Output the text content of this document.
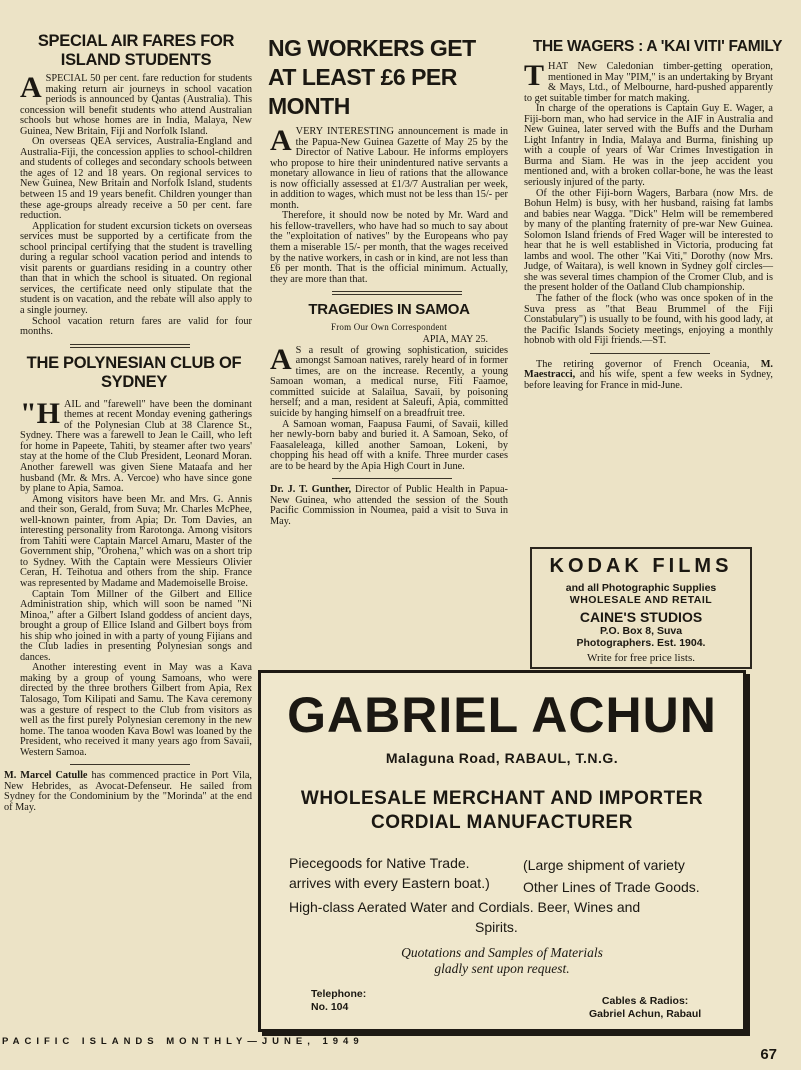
SPECIAL AIR FARES FOR ISLAND STUDENTS

ASPECIAL 50 per cent. fare reduction for students making return air journeys in school vacation periods is announced by Qantas (Australia). This concession will benefit students who attend Australian schools but whose homes are in India, Malaya, New Guinea, New Britain, Fiji and Norfolk Island.

On overseas QEA services, Australia-England and Australia-Fiji, the concession applies to school-children and students of colleges and secondary schools between the ages of 12 and 18 years. On regional services to New Guinea, New Britain and Norfolk Island, students between 15 and 19 years benefit. Children younger than these age-groups already receive a 50 per cent. fare reduction.

Application for student excursion tickets on overseas services must be supported by a certificate from the school principal certifying that the student is travelling during a regular school vacation period and intends to visit parents or guardians residing in a country other than that in which the school is situated. On regional services, the certificate need only stipulate that the student is on vacation, and the rebate will also apply to a single journey.

School vacation return fares are valid for four months.

THE POLYNESIAN CLUB OF SYDNEY

"HAIL and "farewell" have been the dominant themes at recent Monday evening gatherings of the Polynesian Club at 38 Clarence St., Sydney. There was a farewell to Jean le Caill, who left for home in Papeete, Tahiti, by steamer after two years' stay at the home of the Club President, Leonard Moran. Another farewell was given Siene Mataafa and her husband (Mr. & Mrs. A. Vercoe) who have since gone by plane to Apia, Samoa.

Among visitors have been Mr. and Mrs. G. Annis and their son, Gerald, from Suva; Mr. Charles McPhee, well-known painter, from Apia; Dr. Tom Davies, an interesting personality from Rarotonga. Among visitors from Tahiti were Captain Marcel Amaru, Master of the Government ship, "Orohena," which was on a short trip to Sydney. With the Captain were Messieurs Olivier Ceran, H. Teihotua and others from the ship. France was represented by Madame and Mademoiselle Broise.

Captain Tom Millner of the Gilbert and Ellice Administration ship, which will soon be named "Ni Minoa," after a Gilbert Island goddess of ancient days, brought a group of Ellice Island and Gilbert boys from his ship who joined in with a party of young Fijians and the Club ladies in presenting Polynesian songs and dances.

Another interesting event in May was a Kava making by a group of young Samoans, who were directed by the three brothers Gilbert from Apia, Rex Talosago, Tom Kilipati and Samu. The Kava ceremony was a gesture of respect to the Club from visitors as well as the first purely Polynesian ceremony in the new home. The tanoa wooden Kava Bowl was loaned by the President, who received it many years ago from Savaii, Western Samoa.

M. Marcel Catulle has commenced practice in Port Vila, New Hebrides, as Avocat-Defenseur. He sailed from Sydney for the Condominium by the "Morinda" at the end of May.

NG WORKERS GET AT LEAST £6 PER MONTH

AVERY INTERESTING announcement is made in the Papua-New Guinea Gazette of May 25 by the Director of Native Labour. He informs employers who propose to hire their unindentured native servants a monetary allowance in lieu of rations that the allowance is now officially assessed at £1/3/7 Australian per week, in addition to wages, which must not be less than 15/- per month.

Therefore, it should now be noted by Mr. Ward and his fellow-travellers, who have had so much to say about the "exploitation of natives" by the Europeans who pay them a miserable 15/- per month, that the wages received by the native workers, in cash or in kind, are not less than £6 per month. That is the official minimum. Actually, they are more than that.

TRAGEDIES IN SAMOA
From Our Own Correspondent
APIA, MAY 25.

A S a result of growing sophistication, suicides amongst Samoan natives, rarely heard of in former times, are on the increase. Recently, a young Samoan woman, a medical nurse, Fiti Faamoe, committed suicide at Salailua, Savaii, by poisoning herself; and a man, resident at Saleufi, Apia, committed suicide by hanging himself on a breadfruit tree.

A Samoan woman, Faapusa Faumi, of Savaii, killed her newly-born baby and buried it. A Samoan, Seko, of Faasaleleaga, killed another Samoan, Lokeni, by chopping his head off with a knife. Three murder cases are to be heard by the Apia High Court in June.

Dr. J. T. Gunther, Director of Public Health in Papua-New Guinea, who attended the session of the South Pacific Commission in Noumea, paid a visit to Suva in May.

THE WAGERS : A 'KAI VITI' FAMILY

THAT New Caledonian timber-getting operation, mentioned in May "PIM," is an undertaking by Bryant & Mays, Ltd., of Melbourne, hard-pushed apparently to get suitable timber for match making.

In charge of the operations is Captain Guy E. Wager, a Fiji-born man, who had service in the AIF in Australia and New Guinea, later served with the Buffs and the Durham Light Infantry in India, Malaya and Burma, finishing up with a couple of years of War Crimes Investigation in Burma and Siam. He was in the jeep accident you mentioned and, with a broken collar-bone, he was the least seriously injured of the party.

Of the other Fiji-born Wagers, Barbara (now Mrs. de Bohun Helm) is busy, with her husband, raising fat lambs and babies near Wagga. "Dick" Helm will be remembered by many of the planting fraternity of pre-war New Guinea. Solomon Island friends of Fred Wager will be interested to hear that he is well established in Victoria, producing fat lambs and wool. The other "Kai Viti," Dorothy (now Mrs. Judge, of Waitara), is well known in Sydney golf circles—she was several times champion of the Cromer Club, and is the present holder of the Oatland Club championship.

The father of the flock (who was once spoken of in the Suva press as "that Beau Brummel of the Fiji Constabulary") is usually to be found, with his good lady, at the Pacific Islands Society meetings, enjoying a monthly hobnob with old Fiji friends.—ST.

The retiring governor of French Oceania, M. Maestracci, and his wife, spent a few weeks in Sydney, before leaving for France in mid-June.

KODAK FILMS
and all Photographic Supplies
WHOLESALE AND RETAIL
CAINE'S STUDIOS
P.O. Box 8, Suva
Photographers. Est. 1904.
Write for free price lists.
GABRIEL ACHUN
Malaguna Road, RABAUL, T.N.G.
WHOLESALE MERCHANT AND IMPORTER
CORDIAL MANUFACTURER
Piecegoods for Native Trade.
arrives with every Eastern boat.)
(Large shipment of variety
Other Lines of Trade Goods.
High-class Aerated Water and Cordials. Beer, Wines and
Spirits.
Quotations and Samples of Materials
gladly sent upon request.
Telephone:
No. 104	Cables & Radios:
Gabriel Achun, Rabaul
PACIFIC ISLANDS MONTHLY—JUNE, 1949
67
